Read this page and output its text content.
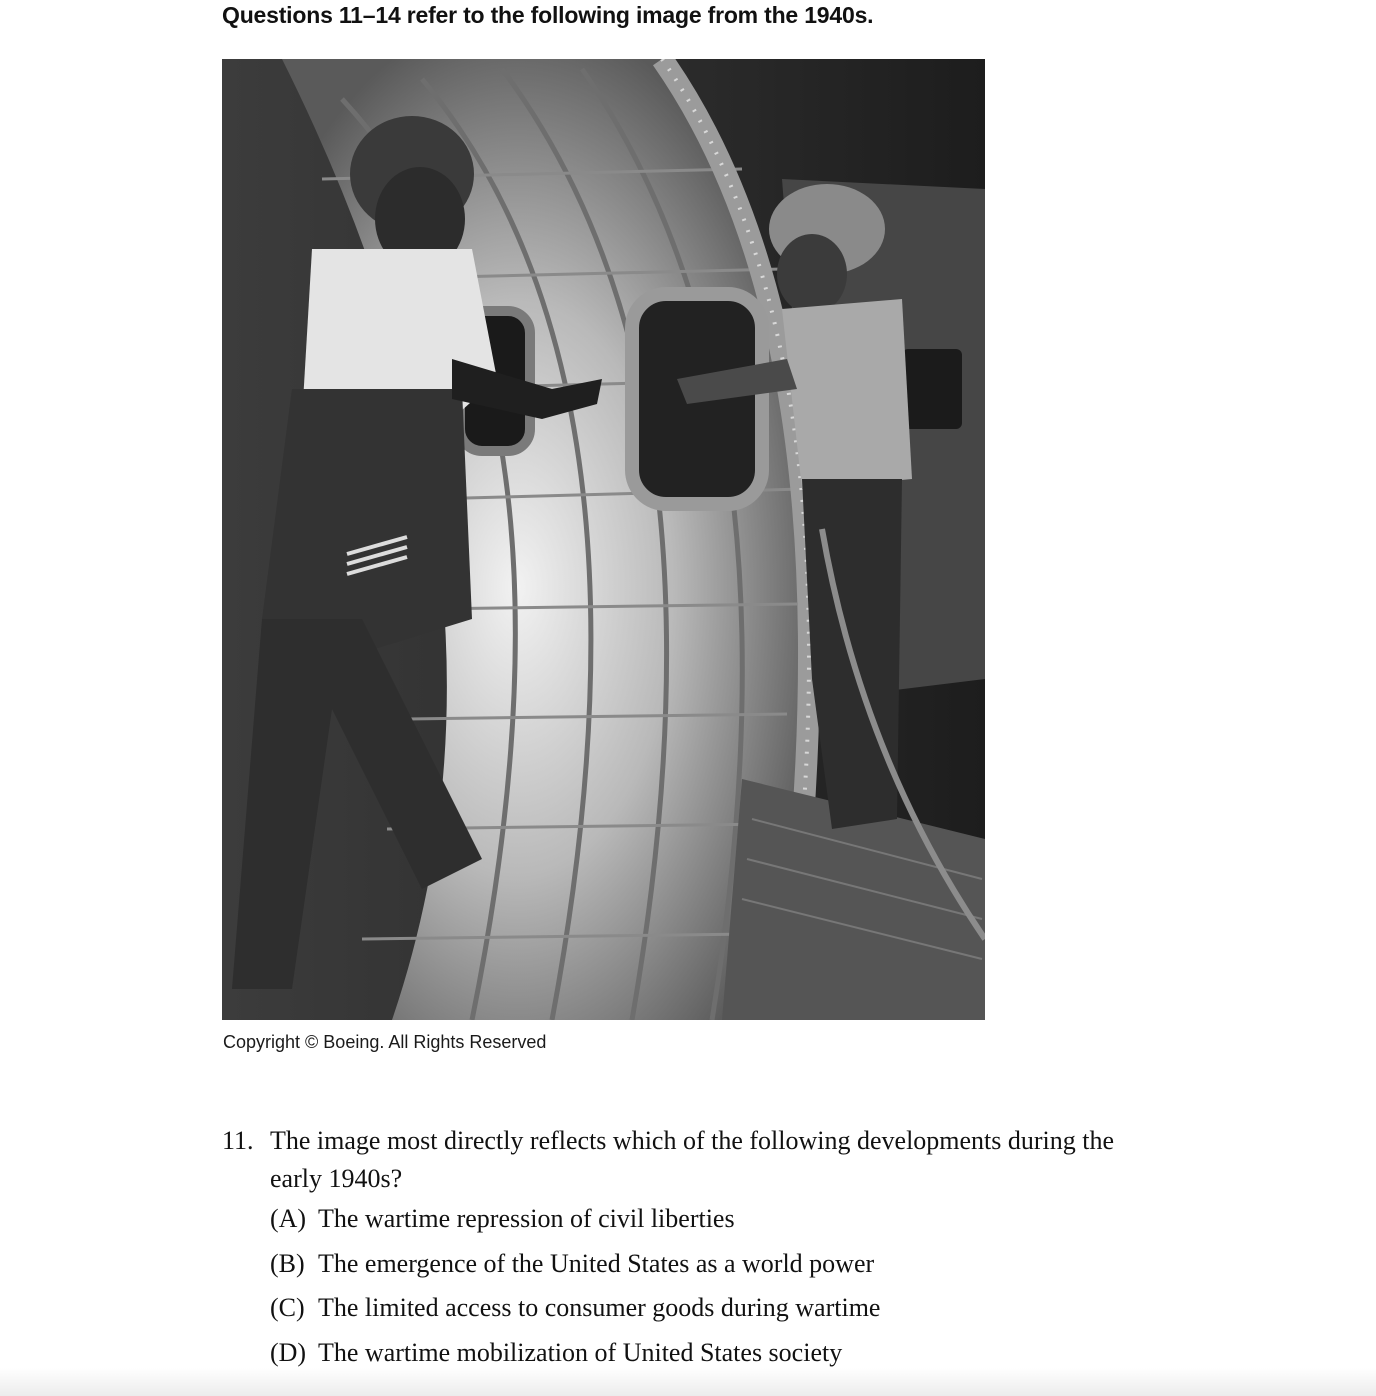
Questions 11–14 refer to the following image from the 1940s.
Copyright © Boeing. All Rights Reserved
11. The image most directly reflects which of the following developments during the early 1940s?
(A) The wartime repression of civil liberties
(B) The emergence of the United States as a world power
(C) The limited access to consumer goods during wartime
(D) The wartime mobilization of United States society
